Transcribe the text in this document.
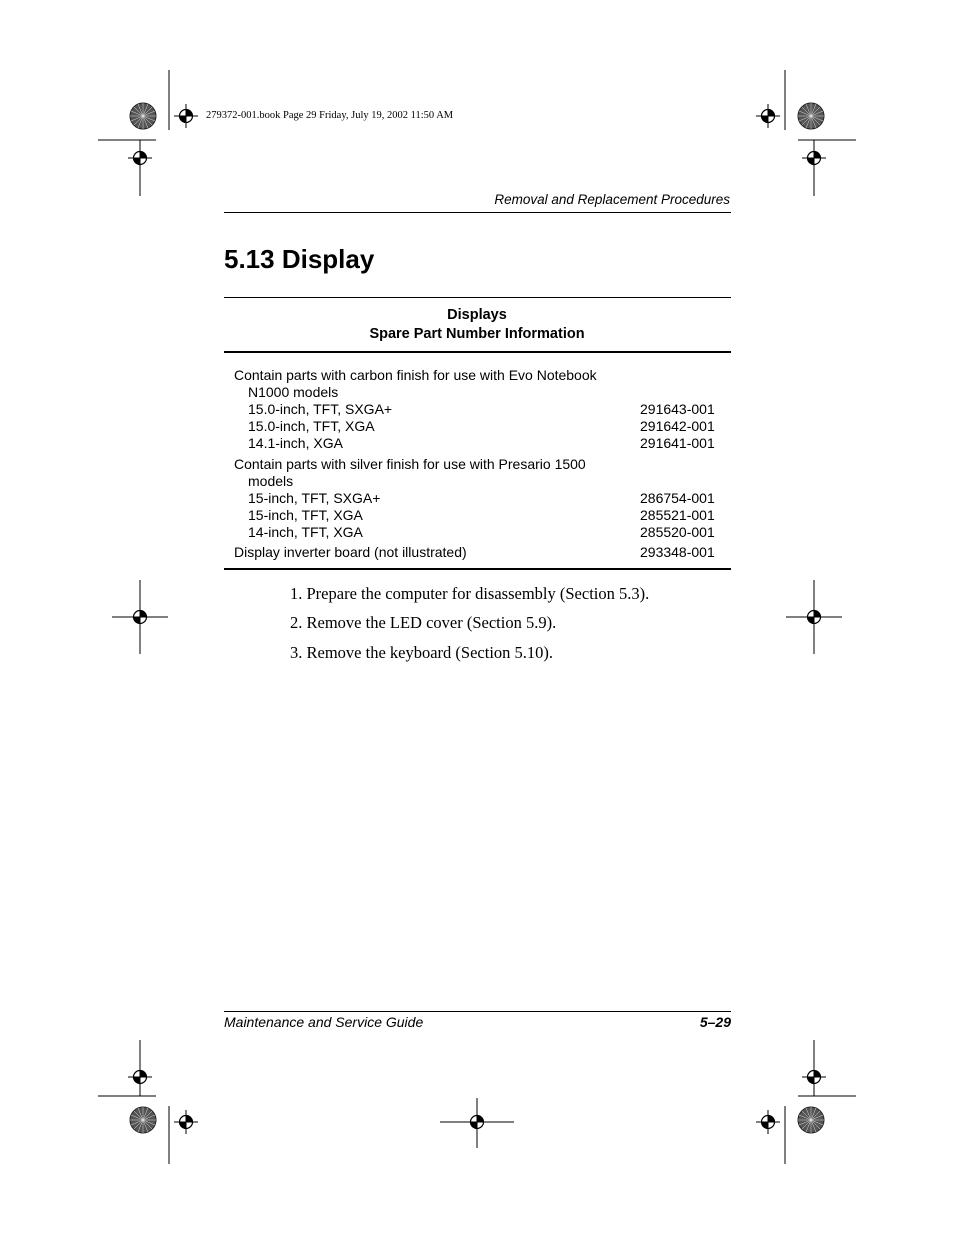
279372-001.book Page 29 Friday, July 19, 2002 11:50 AM
Removal and Replacement Procedures
5.13 Display
Displays
Spare Part Number Information
Contain parts with carbon finish for use with Evo Notebook
N1000 models
15.0-inch, TFT, SXGA+	291643-001
15.0-inch, TFT, XGA	291642-001
14.1-inch, XGA	291641-001
Contain parts with silver finish for use with Presario 1500
models
15-inch, TFT, SXGA+	286754-001
15-inch, TFT, XGA	285521-001
14-inch, TFT, XGA	285520-001
Display inverter board (not illustrated)	293348-001
1. Prepare the computer for disassembly (Section 5.3).
2. Remove the LED cover (Section 5.9).
3. Remove the keyboard (Section 5.10).
Maintenance and Service Guide	5–29
